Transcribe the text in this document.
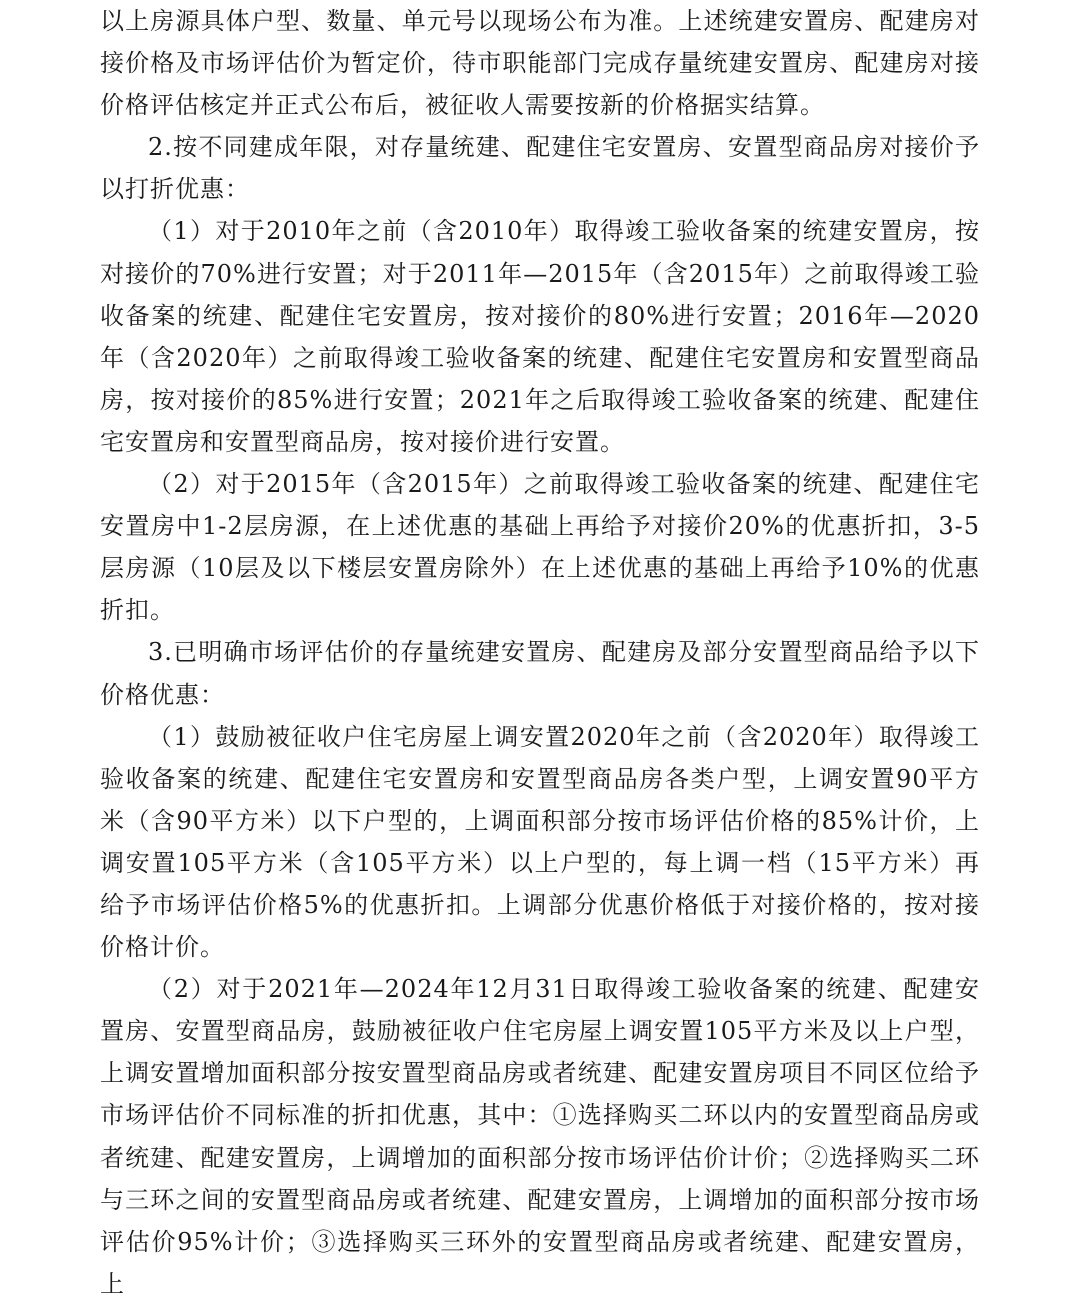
以上房源具体户型、数量、单元号以现场公布为准。上述统建安置房、配建房对接价格及市场评估价为暂定价，待市职能部门完成存量统建安置房、配建房对接价格评估核定并正式公布后，被征收人需要按新的价格据实结算。

2.按不同建成年限，对存量统建、配建住宅安置房、安置型商品房对接价予以打折优惠：

（1）对于2010年之前（含2010年）取得竣工验收备案的统建安置房，按对接价的70%进行安置；对于2011年—2015年（含2015年）之前取得竣工验收备案的统建、配建住宅安置房，按对接价的80%进行安置；2016年—2020年（含2020年）之前取得竣工验收备案的统建、配建住宅安置房和安置型商品房，按对接价的85%进行安置；2021年之后取得竣工验收备案的统建、配建住宅安置房和安置型商品房，按对接价进行安置。

（2）对于2015年（含2015年）之前取得竣工验收备案的统建、配建住宅安置房中1-2层房源，在上述优惠的基础上再给予对接价20%的优惠折扣，3-5层房源（10层及以下楼层安置房除外）在上述优惠的基础上再给予10%的优惠折扣。

3.已明确市场评估价的存量统建安置房、配建房及部分安置型商品给予以下价格优惠：

（1）鼓励被征收户住宅房屋上调安置2020年之前（含2020年）取得竣工验收备案的统建、配建住宅安置房和安置型商品房各类户型，上调安置90平方米（含90平方米）以下户型的，上调面积部分按市场评估价格的85%计价，上调安置105平方米（含105平方米）以上户型的，每上调一档（15平方米）再给予市场评估价格5%的优惠折扣。上调部分优惠价格低于对接价格的，按对接价格计价。

（2）对于2021年—2024年12月31日取得竣工验收备案的统建、配建安置房、安置型商品房，鼓励被征收户住宅房屋上调安置105平方米及以上户型，上调安置增加面积部分按安置型商品房或者统建、配建安置房项目不同区位给予市场评估价不同标准的折扣优惠，其中：①选择购买二环以内的安置型商品房或者统建、配建安置房，上调增加的面积部分按市场评估价计价；②选择购买二环与三环之间的安置型商品房或者统建、配建安置房，上调增加的面积部分按市场评估价95%计价；③选择购买三环外的安置型商品房或者统建、配建安置房，上
